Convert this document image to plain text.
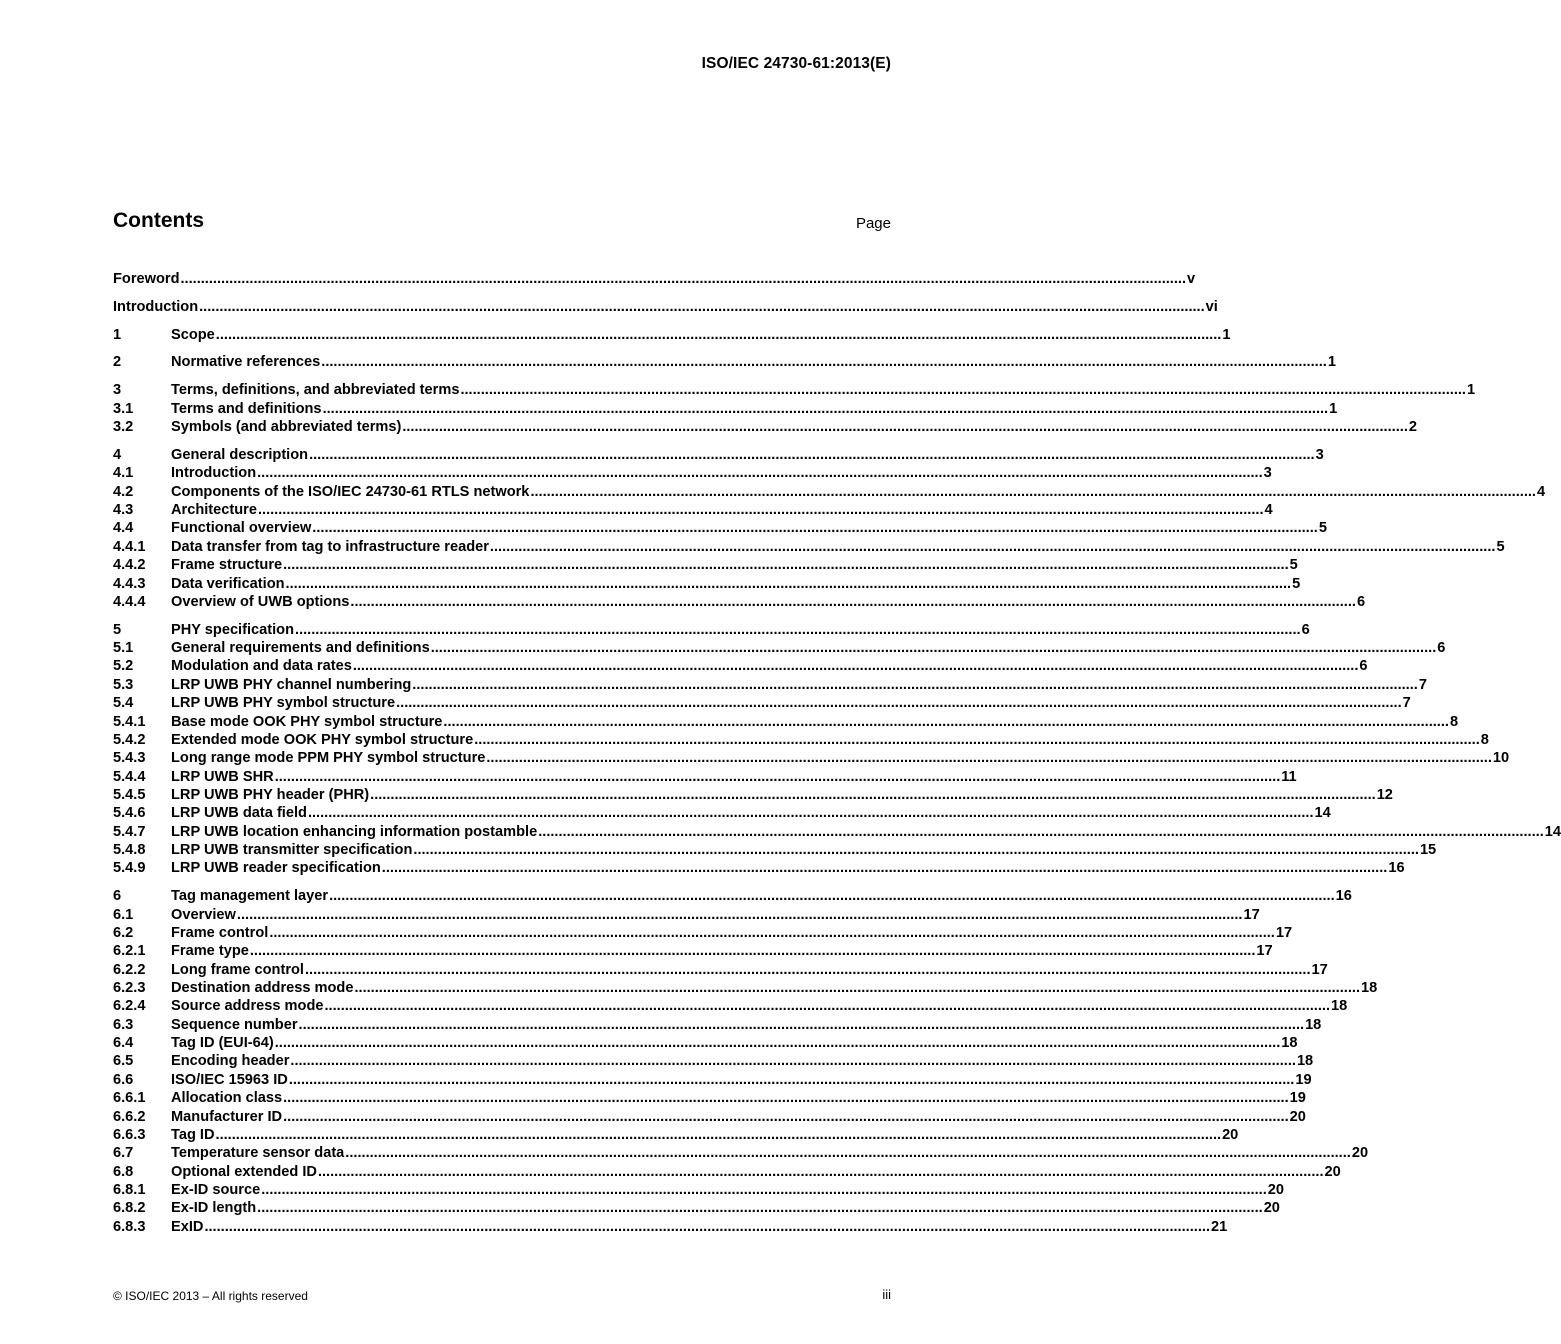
ISO/IEC 24730-61:2013(E)
Contents	Page
Foreword .....	v
Introduction .....	vi
1	Scope .....	1
2	Normative references .....	1
3	Terms, definitions, and abbreviated terms .....	1
3.1	Terms and definitions .....	1
3.2	Symbols (and abbreviated terms) .....	2
4	General description .....	3
4.1	Introduction .....	3
4.2	Components of the ISO/IEC 24730-61 RTLS network .....	4
4.3	Architecture .....	4
4.4	Functional overview .....	5
4.4.1	Data transfer from tag to infrastructure reader .....	5
4.4.2	Frame structure .....	5
4.4.3	Data verification .....	5
4.4.4	Overview of UWB options .....	6
5	PHY specification .....	6
5.1	General requirements and definitions .....	6
5.2	Modulation and data rates .....	6
5.3	LRP UWB PHY channel numbering .....	7
5.4	LRP UWB PHY symbol structure .....	7
5.4.1	Base mode OOK PHY symbol structure .....	8
5.4.2	Extended mode OOK PHY symbol structure .....	8
5.4.3	Long range mode PPM PHY symbol structure .....	10
5.4.4	LRP UWB SHR .....	11
5.4.5	LRP UWB PHY header (PHR) .....	12
5.4.6	LRP UWB data field .....	14
5.4.7	LRP UWB location enhancing information postamble .....	14
5.4.8	LRP UWB transmitter specification .....	15
5.4.9	LRP UWB reader specification .....	16
6	Tag management layer .....	16
6.1	Overview .....	17
6.2	Frame control .....	17
6.2.1	Frame type .....	17
6.2.2	Long frame control .....	17
6.2.3	Destination address mode .....	18
6.2.4	Source address mode .....	18
6.3	Sequence number .....	18
6.4	Tag ID (EUI-64) .....	18
6.5	Encoding header .....	18
6.6	ISO/IEC 15963 ID .....	19
6.6.1	Allocation class .....	19
6.6.2	Manufacturer ID .....	20
6.6.3	Tag ID .....	20
6.7	Temperature sensor data .....	20
6.8	Optional extended ID .....	20
6.8.1	Ex-ID source .....	20
6.8.2	Ex-ID length .....	20
6.8.3	ExID .....	21
© ISO/IEC 2013 – All rights reserved	iii
